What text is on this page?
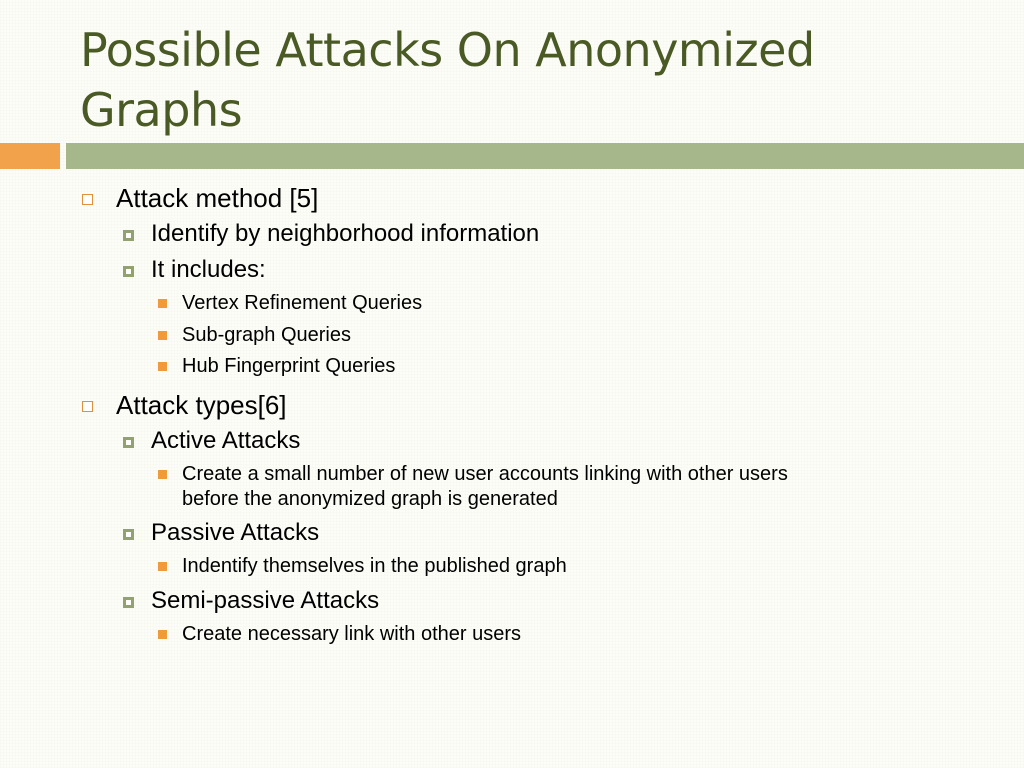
Possible Attacks On Anonymized Graphs
Attack method [5]
Identify by neighborhood information
It includes:
Vertex Refinement Queries
Sub-graph Queries
Hub Fingerprint Queries
Attack types[6]
Active Attacks
Create a small number of new user accounts linking with other users
before the anonymized graph is generated
Passive Attacks
Indentify themselves in the published graph
Semi-passive Attacks
Create necessary link with other users
